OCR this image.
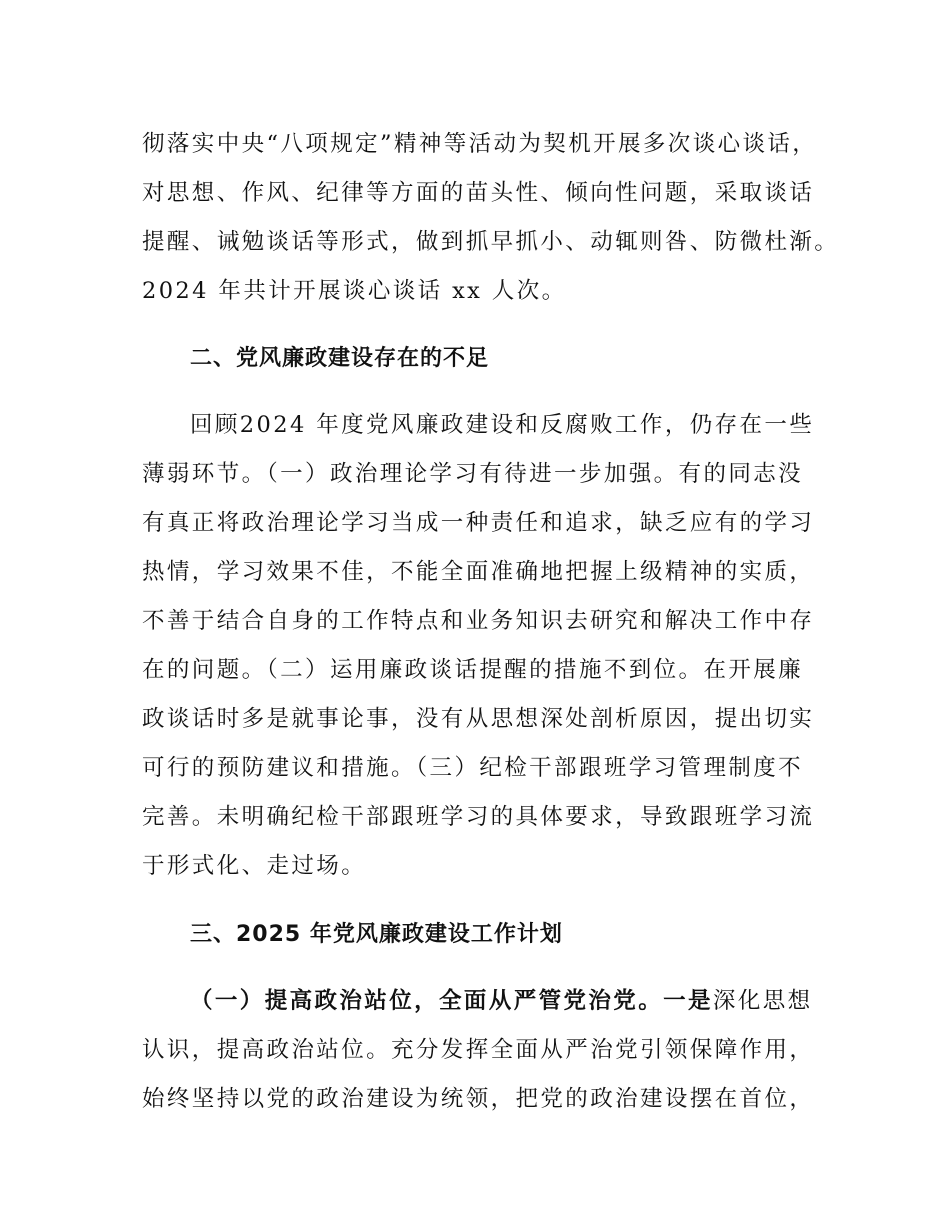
彻落实中央“八项规定”精神等活动为契机开展多次谈心谈话，
对思想、作风、纪律等方面的苗头性、倾向性问题，采取谈话
提醒、诫勉谈话等形式，做到抓早抓小、动辄则咎、防微杜渐。
2024 年共计开展谈心谈话 xx 人次。
二、党风廉政建设存在的不足
回顾2024 年度党风廉政建设和反腐败工作，仍存在一些
薄弱环节。（一）政治理论学习有待进一步加强。有的同志没
有真正将政治理论学习当成一种责任和追求，缺乏应有的学习
热情，学习效果不佳，不能全面准确地把握上级精神的实质，
不善于结合自身的工作特点和业务知识去研究和解决工作中存
在的问题。（二）运用廉政谈话提醒的措施不到位。在开展廉
政谈话时多是就事论事，没有从思想深处剖析原因，提出切实
可行的预防建议和措施。（三）纪检干部跟班学习管理制度不
完善。未明确纪检干部跟班学习的具体要求，导致跟班学习流
于形式化、走过场。
三、2025 年党风廉政建设工作计划
（一）提高政治站位，全面从严管党治党。一是深化思想
认识，提高政治站位。充分发挥全面从严治党引领保障作用，
始终坚持以党的政治建设为统领，把党的政治建设摆在首位，
